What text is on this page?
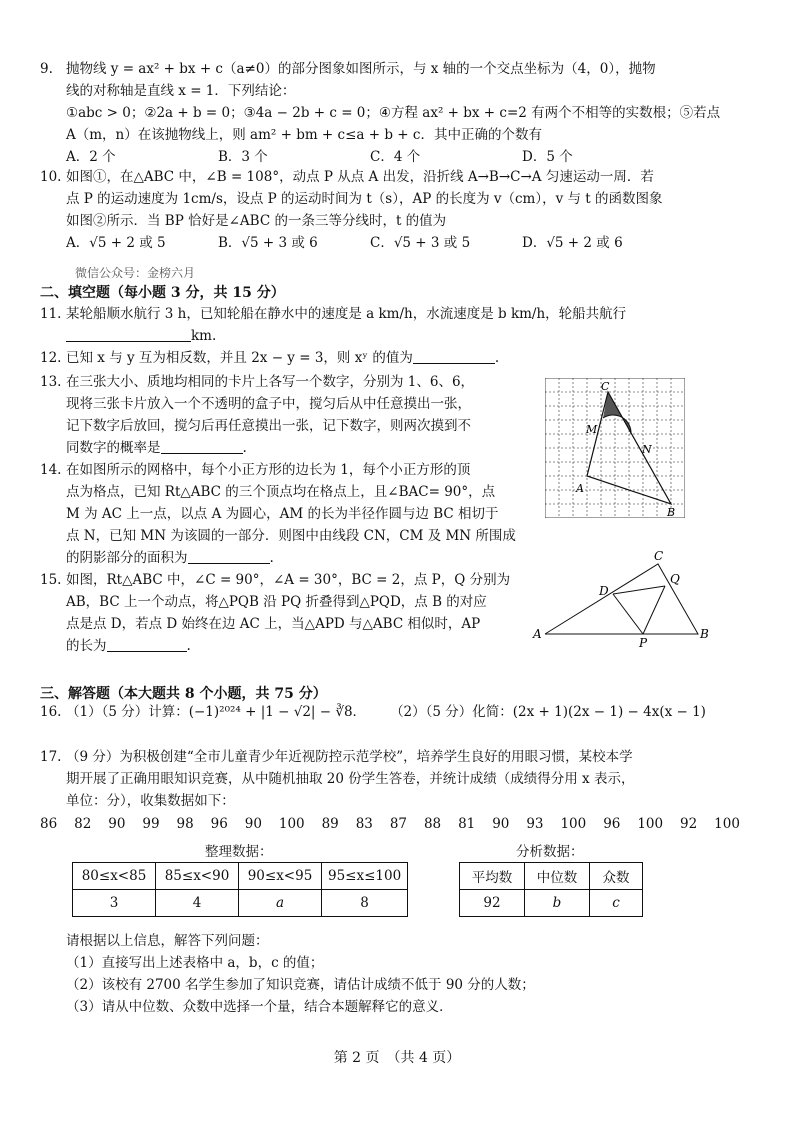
9. 抛物线 y = ax² + bx + c（a≠0）的部分图象如图所示，与 x 轴的一个交点坐标为（4，0），抛物
线的对称轴是直线 x = 1．下列结论：
①abc > 0；②2a + b = 0；③4a − 2b + c = 0；④方程 ax² + bx + c=2 有两个不相等的实数根；⑤若点
A（m，n）在该抛物线上，则 am² + bm + c≤a + b + c．其中正确的个数有
A．2 个	B．3 个	C．4 个	D．5 个
10. 如图①，在△ABC 中，∠B = 108°，动点 P 从点 A 出发，沿折线 A→B→C→A 匀速运动一周．若
点 P 的运动速度为 1cm/s，设点 P 的运动时间为 t（s），AP 的长度为 v（cm），v 与 t 的函数图象
如图②所示．当 BP 恰好是∠ABC 的一条三等分线时，t 的值为
A．√5 + 2 或 5	B．√5 + 3 或 6	C．√5 + 3 或 5	D．√5 + 2 或 6
微信公众号：金榜六月
二、填空题（每小题 3 分，共 15 分）
11. 某轮船顺水航行 3 h，已知轮船在静水中的速度是 a km/h，水流速度是 b km/h，轮船共航行
km.
12. 已知 x 与 y 互为相反数，并且 2x − y = 3，则 xʸ 的值为	.
13. 在三张大小、质地均相同的卡片上各写一个数字，分别为 1、6、6，
现将三张卡片放入一个不透明的盒子中，搅匀后从中任意摸出一张，
记下数字后放回，搅匀后再任意摸出一张，记下数字，则两次摸到不
同数字的概率是	.
14. 在如图所示的网格中，每个小正方形的边长为 1，每个小正方形的顶
点为格点，已知 Rt△ABC 的三个顶点均在格点上，且∠BAC= 90°，点
M 为 AC 上一点，以点 A 为圆心，AM 的长为半径作圆与边 BC 相切于
点 N，已知 MN 为该圆的一部分．则图中由线段 CN，CM 及 MN 所围成
的阴影部分的面积为	.
15. 如图，Rt△ABC 中，∠C = 90°，∠A = 30°，BC = 2，点 P，Q 分别为
AB，BC 上一个动点，将△PQB 沿 PQ 折叠得到△PQD，点 B 的对应
点是点 D，若点 D 始终在边 AC 上，当△APD 与△ABC 相似时，AP
的长为	.
C
M
N
A
B
C
Q
D
A
P
B
三、解答题（本大题共 8 个小题，共 75 分）
16. （1）（5 分）计算：(−1)²⁰²⁴ + |1 − √2| − ∛8． （2）（5 分）化简：(2x + 1)(2x − 1) − 4x(x − 1)
17. （9 分）为积极创建“全市儿童青少年近视防控示范学校”，培养学生良好的用眼习惯，某校本学
期开展了正确用眼知识竞赛，从中随机抽取 20 份学生答卷，并统计成绩（成绩得分用 x 表示，
单位：分），收集数据如下：
86 82 90 99 98 96 90 100 89 83 87 88 81 90 93 100 96 100 92 100
整理数据：
80≤x<85	85≤x<90	90≤x<95	95≤x≤100
3	4	a	8
分析数据：
平均数	中位数	众数
92	b	c
请根据以上信息，解答下列问题：
（1）直接写出上述表格中 a，b，c 的值；
（2）该校有 2700 名学生参加了知识竞赛，请估计成绩不低于 90 分的人数；
（3）请从中位数、众数中选择一个量，结合本题解释它的意义．
第 2 页　（共 4 页）
